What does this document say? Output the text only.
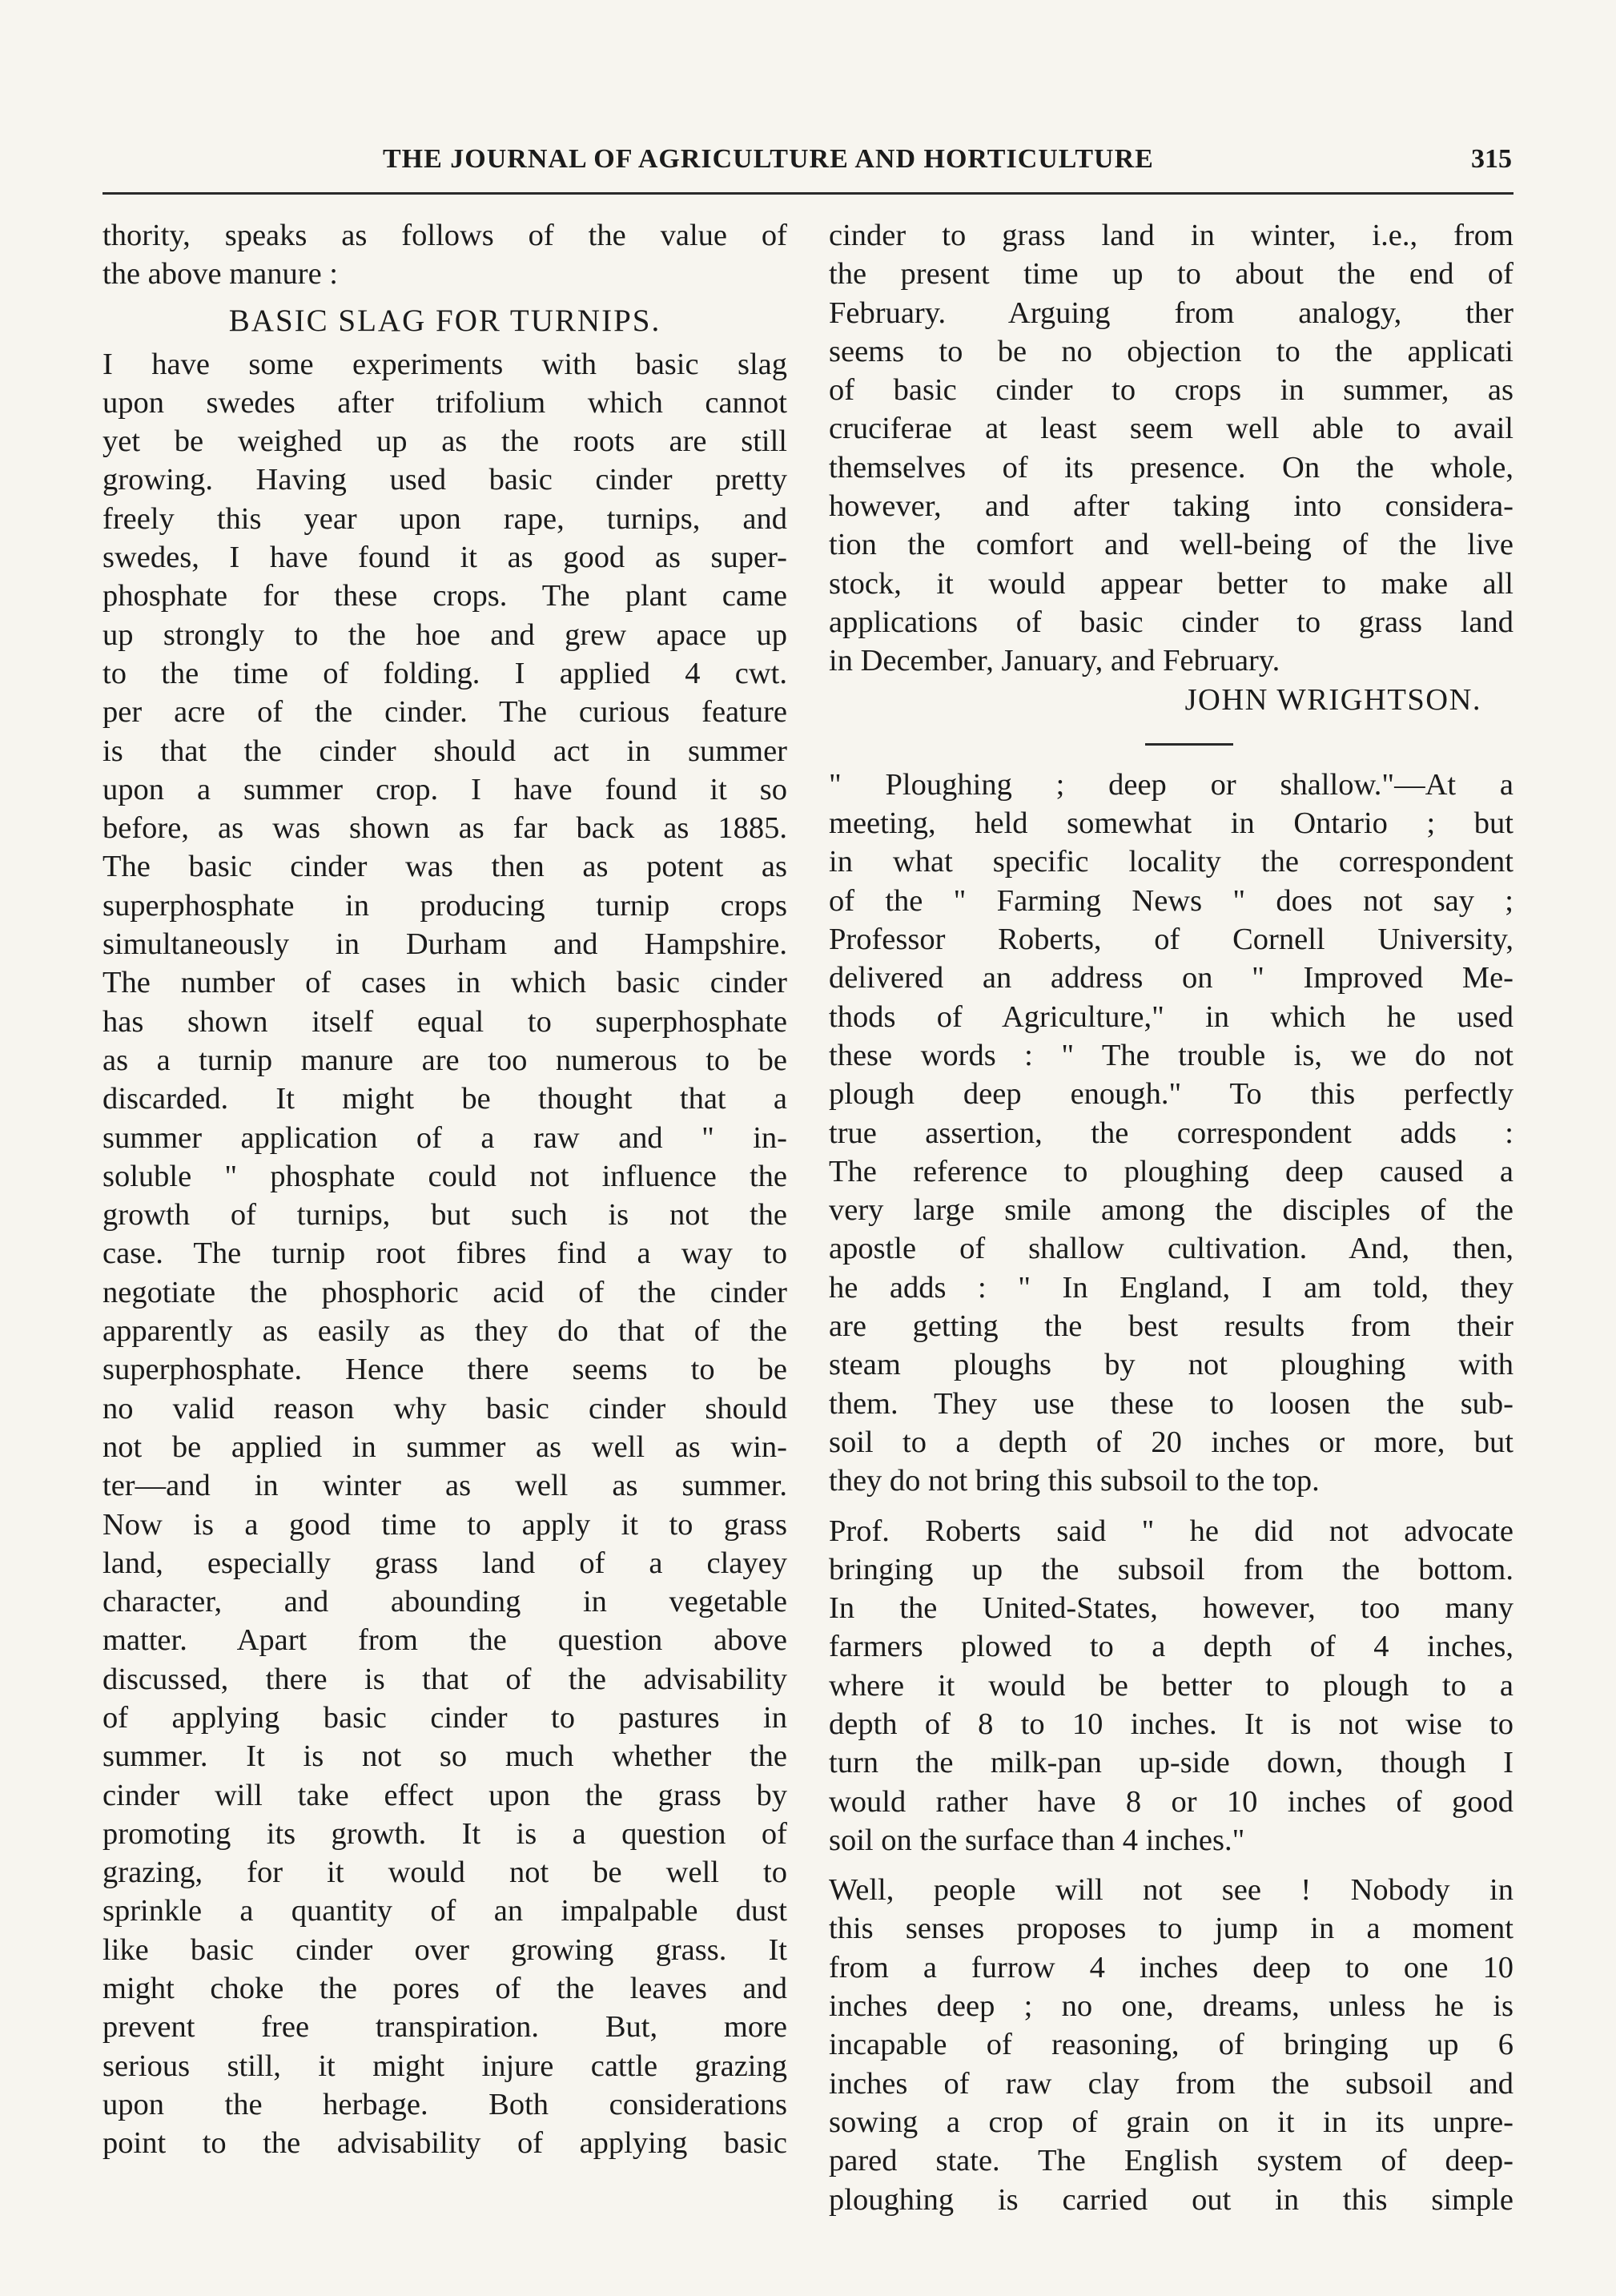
THE JOURNAL OF AGRICULTURE AND HORTICULTURE	315
thority, speaks as follows of the value of
the above manure :
BASIC SLAG FOR TURNIPS.
I have some experiments with basic slag
upon swedes after trifolium which cannot
yet be weighed up as the roots are still
growing. Having used basic cinder pretty
freely this year upon rape, turnips, and
swedes, I have found it as good as super-
phosphate for these crops. The plant came
up strongly to the hoe and grew apace up
to the time of folding. I applied 4 cwt.
per acre of the cinder. The curious feature
is that the cinder should act in summer
upon a summer crop. I have found it so
before, as was shown as far back as 1885.
The basic cinder was then as potent as
superphosphate in producing turnip crops
simultaneously in Durham and Hampshire.
The number of cases in which basic cinder
has shown itself equal to superphosphate
as a turnip manure are too numerous to be
discarded. It might be thought that a
summer application of a raw and " in-
soluble " phosphate could not influence the
growth of turnips, but such is not the
case. The turnip root fibres find a way to
negotiate the phosphoric acid of the cinder
apparently as easily as they do that of the
superphosphate. Hence there seems to be
no valid reason why basic cinder should
not be applied in summer as well as win-
ter—and in winter as well as summer.
Now is a good time to apply it to grass
land, especially grass land of a clayey
character, and abounding in vegetable
matter. Apart from the question above
discussed, there is that of the advisability
of applying basic cinder to pastures in
summer. It is not so much whether the
cinder will take effect upon the grass by
promoting its growth. It is a question of
grazing, for it would not be well to
sprinkle a quantity of an impalpable dust
like basic cinder over growing grass. It
might choke the pores of the leaves and
prevent free transpiration. But, more
serious still, it might injure cattle grazing
upon the herbage. Both considerations
point to the advisability of applying basic
cinder to grass land in winter, i.e., from
the present time up to about the end of
February. Arguing from analogy, ther
seems to be no objection to the applicati
of basic cinder to crops in summer, as
cruciferae at least seem well able to avail
themselves of its presence. On the whole,
however, and after taking into considera-
tion the comfort and well-being of the live
stock, it would appear better to make all
applications of basic cinder to grass land
in December, January, and February.
JOHN WRIGHTSON.
" Ploughing ; deep or shallow."—At a
meeting, held somewhat in Ontario ; but
in what specific locality the correspondent
of the " Farming News " does not say ;
Professor Roberts, of Cornell University,
delivered an address on " Improved Me-
thods of Agriculture," in which he used
these words : " The trouble is, we do not
plough deep enough." To this perfectly
true assertion, the correspondent adds :
The reference to ploughing deep caused a
very large smile among the disciples of the
apostle of shallow cultivation. And, then,
he adds : " In England, I am told, they
are getting the best results from their
steam ploughs by not ploughing with
them. They use these to loosen the sub-
soil to a depth of 20 inches or more, but
they do not bring this subsoil to the top.
Prof. Roberts said " he did not advocate
bringing up the subsoil from the bottom.
In the United-States, however, too many
farmers plowed to a depth of 4 inches,
where it would be better to plough to a
depth of 8 to 10 inches. It is not wise to
turn the milk-pan up-side down, though I
would rather have 8 or 10 inches of good
soil on the surface than 4 inches."
Well, people will not see ! Nobody in
this senses proposes to jump in a moment
from a furrow 4 inches deep to one 10
inches deep ; no one, dreams, unless he is
incapable of reasoning, of bringing up 6
inches of raw clay from the subsoil and
sowing a crop of grain on it in its unpre-
pared state. The English system of deep-
ploughing is carried out in this simple
